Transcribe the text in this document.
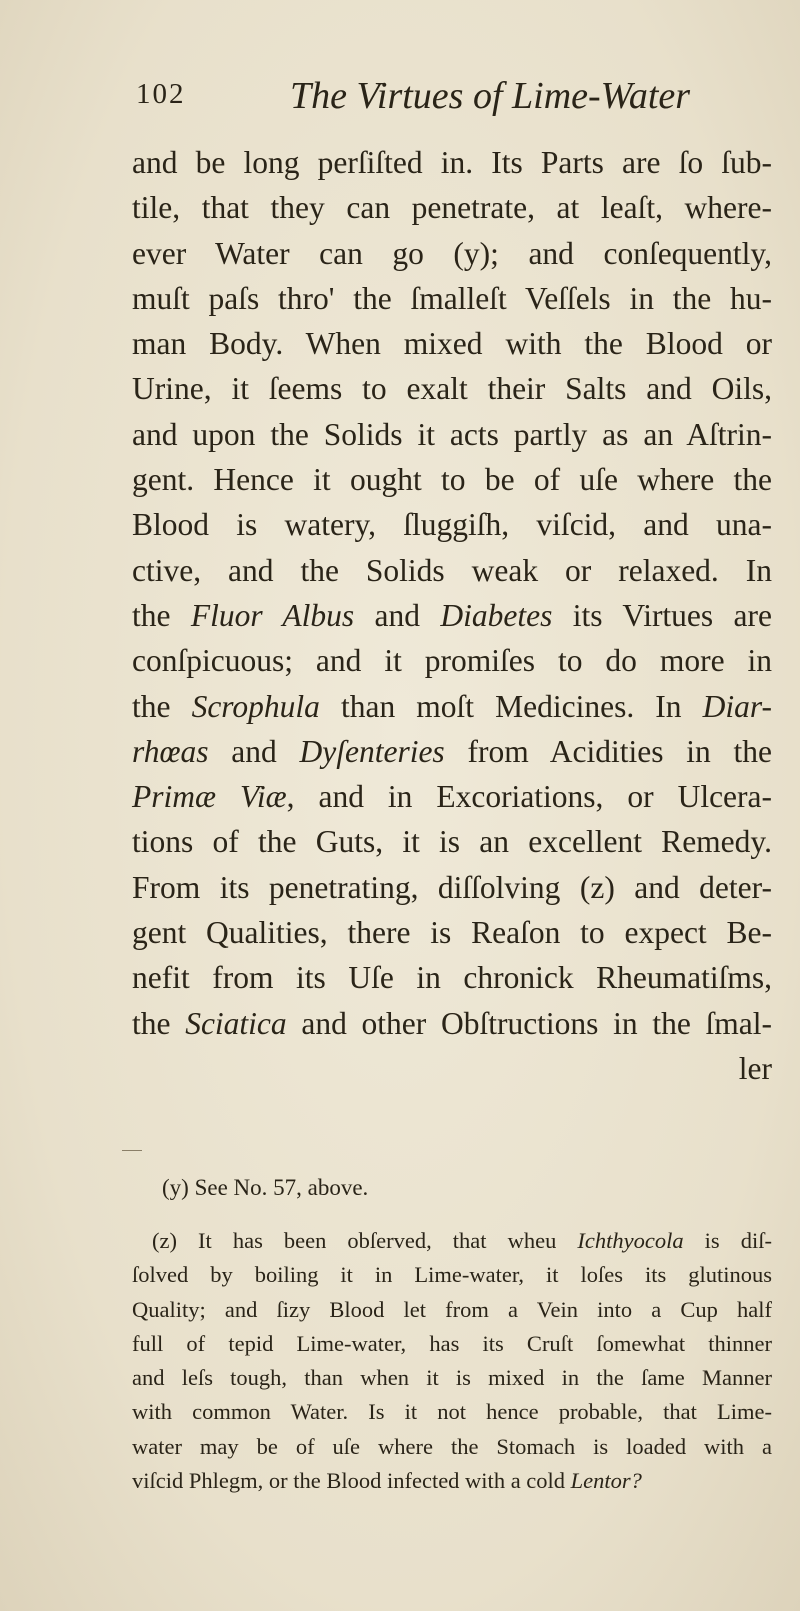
102	The Virtues of Lime-Water
and be long perſiſted in. Its Parts are ſo ſub-
tile, that they can penetrate, at leaſt, where-
ever Water can go (y); and conſequently,
muſt paſs thro' the ſmalleſt Veſſels in the hu-
man Body. When mixed with the Blood or
Urine, it ſeems to exalt their Salts and Oils,
and upon the Solids it acts partly as an Aſtrin-
gent. Hence it ought to be of uſe where the
Blood is watery, ſluggiſh, viſcid, and una-
ctive, and the Solids weak or relaxed. In
the Fluor Albus and Diabetes its Virtues are
conſpicuous; and it promiſes to do more in
the Scrophula than moſt Medicines. In Diar-
rhœas and Dyſenteries from Acidities in the
Primæ Viæ, and in Excoriations, or Ulcera-
tions of the Guts, it is an excellent Remedy.
From its penetrating, diſſolving (z) and deter-
gent Qualities, there is Reaſon to expect Be-
nefit from its Uſe in chronick Rheumatiſms,
the Sciatica and other Obſtructions in the ſmal-
ler
(y) See No. 57, above.
(z) It has been obſerved, that wheu Ichthyocola is diſ-
ſolved by boiling it in Lime-water, it loſes its glutinous
Quality; and ſizy Blood let from a Vein into a Cup half
full of tepid Lime-water, has its Cruſt ſomewhat thinner
and leſs tough, than when it is mixed in the ſame Manner
with common Water. Is it not hence probable, that Lime-
water may be of uſe where the Stomach is loaded with a
viſcid Phlegm, or the Blood infected with a cold Lentor?
